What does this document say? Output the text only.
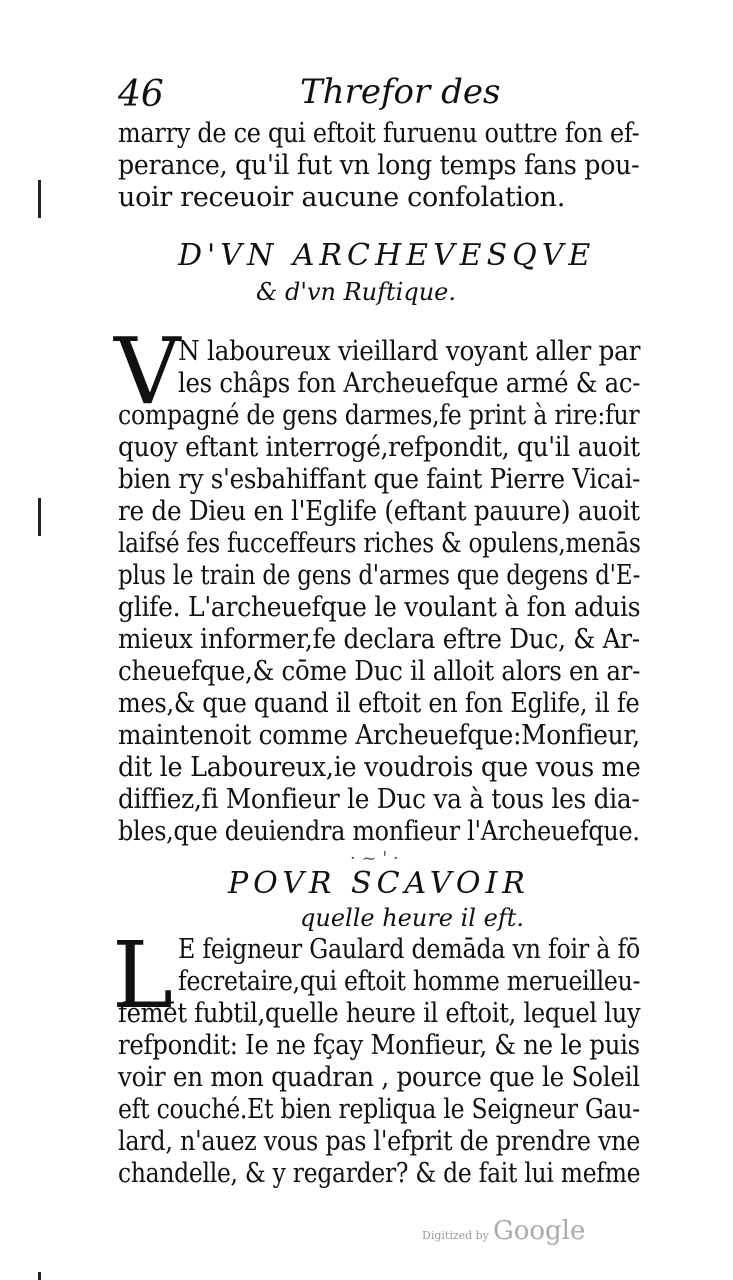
46	Threfor des
marry de ce qui eftoit furuenu outtre fon ef-
perance, qu'il fut vn long temps fans pou-
uoir receuoir aucune confolation.
D'VN ARCHEVESQVE
& d'vn Ruftique.
V
N laboureux vieillard voyant aller par
les châps fon Archeuefque armé & ac-
compagné de gens darmes,fe print à rire:fur
quoy eftant interrogé,refpondit, qu'il auoit
bien ry s'esbahiffant que faint Pierre Vicai-
re de Dieu en l'Eglife (eftant pauure) auoit
laifsé fes fucceffeurs riches & opulens,menās
plus le train de gens d'armes que degens d'E-
glife. L'archeuefque le voulant à fon aduis
mieux informer,fe declara eftre Duc, & Ar-
cheuefque,& cōme Duc il alloit alors en ar-
mes,& que quand il eftoit en fon Eglife, il fe
maintenoit comme Archeuefque:Monfieur,
dit le Laboureux,ie voudrois que vous me
diffiez,fi Monfieur le Duc va à tous les dia-
bles,que deuiendra monfieur l'Archeuefque.
· ~ ' ·
POVR SCAVOIR
quelle heure il eft.
L E feigneur Gaulard demāda vn foir à fō
fecretaire,qui eftoit homme merueilleu-
femēt fubtil,quelle heure il eftoit, lequel luy
refpondit: Ie ne fçay Monfieur, & ne le puis
voir en mon quadran , pource que le Soleil
eft couché.Et bien repliqua le Seigneur Gau-
lard, n'auez vous pas l'efprit de prendre vne
chandelle, & y regarder? & de fait lui mefme
Digitized by Google
